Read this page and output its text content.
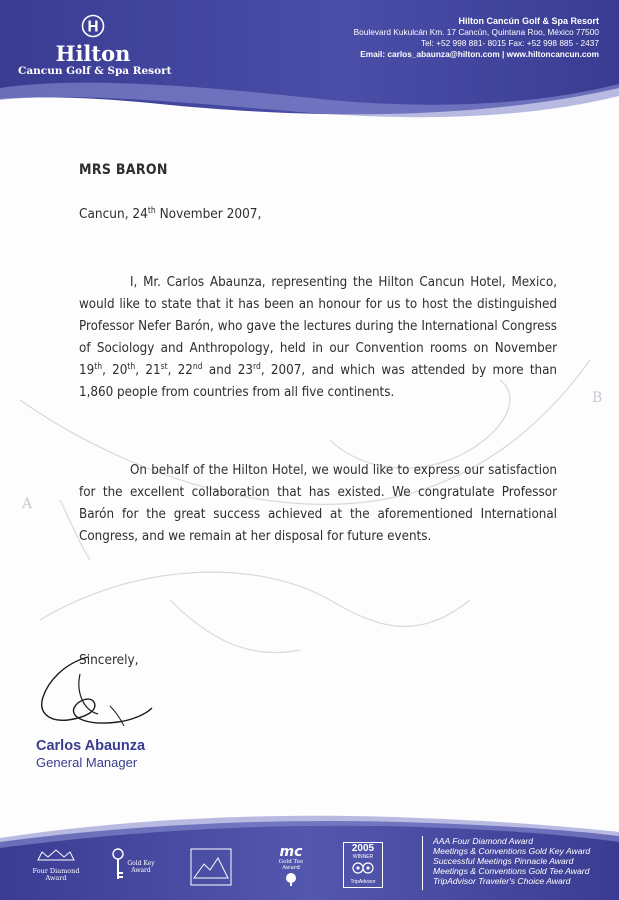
A
B
Hilton
Cancun Golf & Spa Resort
Hilton Cancún Golf & Spa Resort
Boulevard Kukulcán Km. 17 Cancún, Quintana Roo, México 77500
Tel: +52 998 881- 8015 Fax: +52 998 885 - 2437
Email: carlos_abaunza@hilton.com | www.hiltoncancun.com
MRS BARON
Cancun, 24th November 2007,

I, Mr. Carlos Abaunza, representing the Hilton Cancun Hotel, Mexico, would like to state that it has been an honour for us to host the distinguished Professor Nefer Barón, who gave the lectures during the International Congress of Sociology and Anthropology, held in our Convention rooms on November 19th, 20th, 21st, 22nd and 23rd, 2007, and which was attended by more than 1,860 people from countries from all five continents.

On behalf of the Hilton Hotel, we would like to express our satisfaction for the excellent collaboration that has existed. We congratulate Professor Barón for the great success achieved at the aforementioned International Congress, and we remain at her disposal for future events.

Sincerely,
Carlos Abaunza
General Manager
Four Diamond Award
Gold Key Award
mc
Gold Tee Award
2005
WINNER
TripAdvisor
AAA Four Diamond Award
Meetings & Conventions Gold Key Award
Successful Meetings Pinnacle Award
Meetings & Conventions Gold Tee Award
TripAdvisor Traveler's Choice Award
